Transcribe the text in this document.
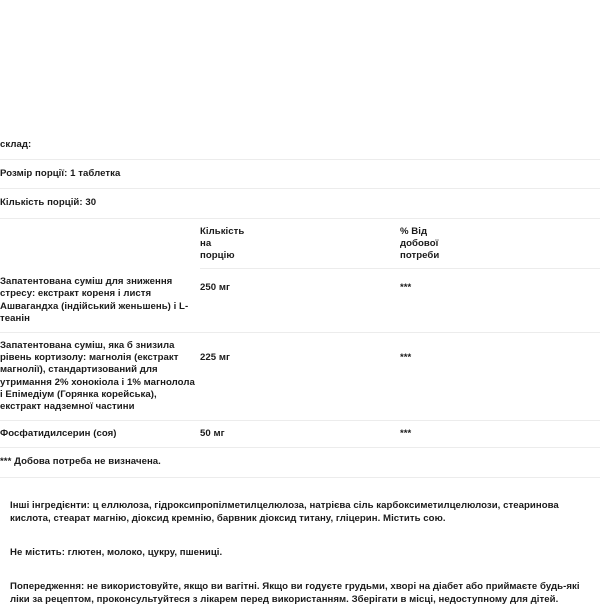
склад:		
Розмір порції: 1 таблетка		
Кількість порцій: 30		

	Кількість
на
порцію	% Від
добової
потреби

Запатентована суміш для зниження стресу: екстракт кореня і листя Ашвагандха (індійський женьшень) і L-теанін	250 мг	***
Запатентована суміш, яка б знизила рівень кортизолу: магнолія (екстракт магнолії), стандартизований для утримання 2% хонокіола і 1% магнолола і Епімедіум (Горянка корейська), екстракт надземної частини	225 мг	***
Фосфатидилсерин (соя)	50 мг	***
*** Добова потреба не визначена.		

Інші інгредієнти: ц еллюлоза, гідроксипропілметилцелюлоза, натрієва сіль карбоксиметилцелюлози, стеаринова кислота, стеарат магнію, діоксид кремнію, барвник діоксид титану, гліцерин. Містить сою.

Не містить: глютен, молоко, цукру, пшениці.

Попередження: не використовуйте, якщо ви вагітні. Якщо ви годуєте грудьми, хворі на діабет або приймаєте будь-які ліки за рецептом, проконсультуйтеся з лікарем перед використанням. Зберігати в місці, недоступному для дітей.
